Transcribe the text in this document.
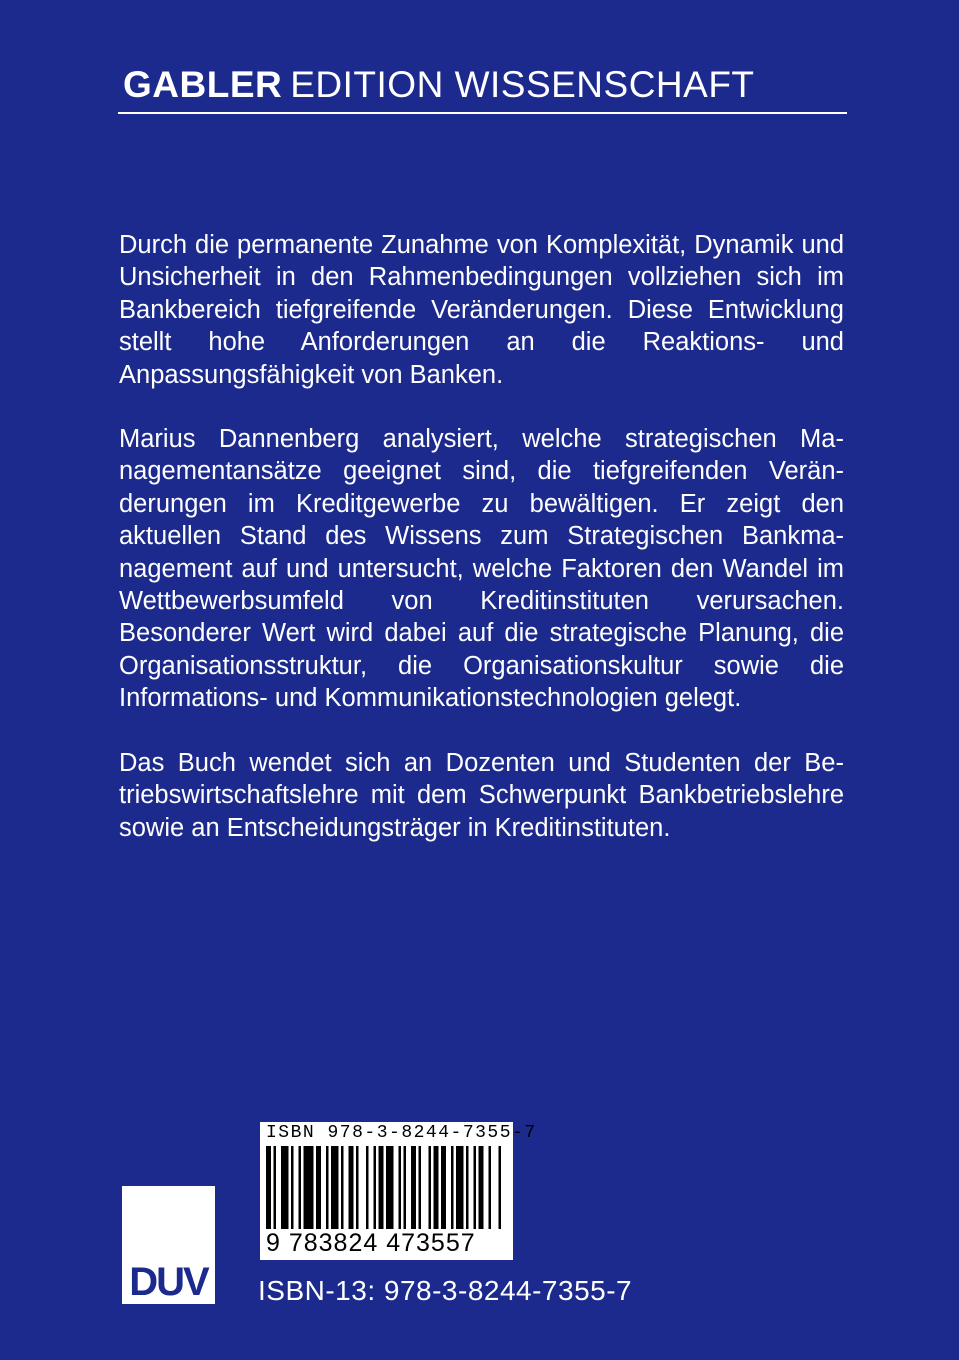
GABLER EDITION WISSENSCHAFT

Durch die permanente Zunahme von Komplexität, Dynamik und Unsicherheit in den Rahmenbedingungen vollziehen sich im Bankbereich tiefgreifende Veränderungen. Diese Entwicklung stellt hohe Anforderungen an die Reaktions- und Anpassungsfähigkeit von Banken.

Marius Dannenberg analysiert, welche strategischen Managementansätze geeignet sind, die tiefgreifenden Veränderungen im Kreditgewerbe zu bewältigen. Er zeigt den aktuellen Stand des Wissens zum Strategischen Bankmanagement auf und untersucht, welche Faktoren den Wandel im Wettbewerbsumfeld von Kreditinstituten verursachen. Besonderer Wert wird dabei auf die strategische Planung, die Organisationsstruktur, die Organisationskultur sowie die Informations- und Kommunikationstechnologien gelegt.

Das Buch wendet sich an Dozenten und Studenten der Betriebswirtschaftslehre mit dem Schwerpunkt Bankbetriebslehre sowie an Entscheidungsträger in Kreditinstituten.

ISBN 978-3-8244-7355-7
9 783824 473557
DUV ISBN-13: 978-3-8244-7355-7
